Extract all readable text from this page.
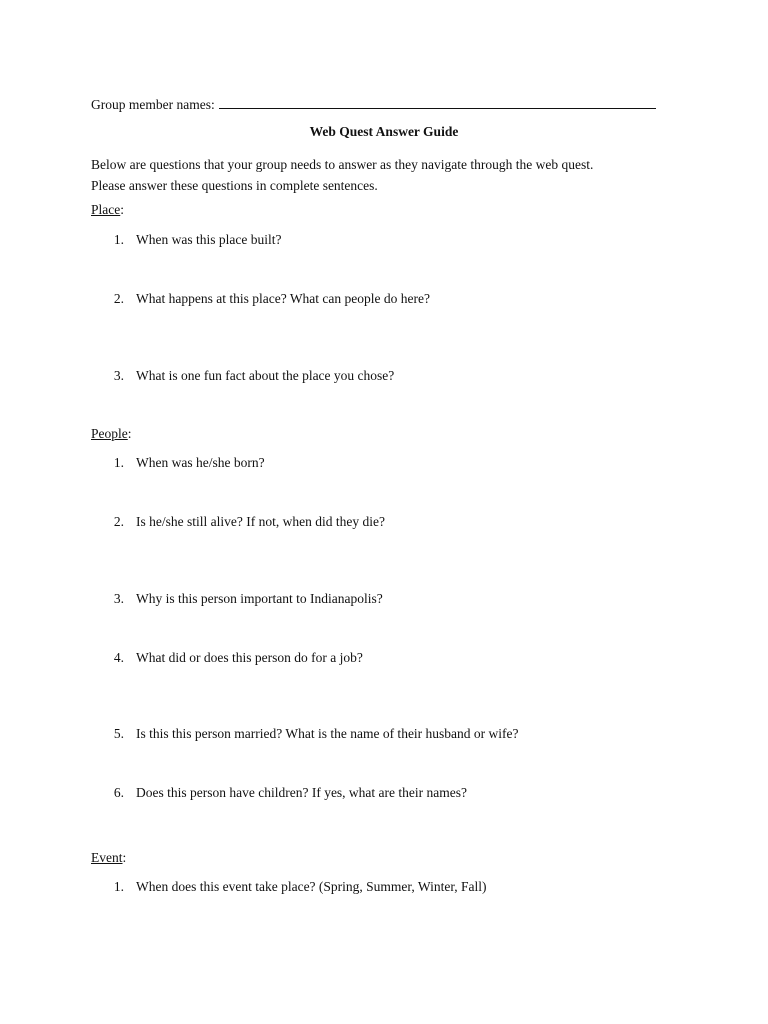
Group member names:
Web Quest Answer Guide
Below are questions that your group needs to answer as they navigate through the web quest.
Please answer these questions in complete sentences.
Place:
1. When was this place built?
2. What happens at this place? What can people do here?
3. What is one fun fact about the place you chose?
People:
1. When was he/she born?
2. Is he/she still alive? If not, when did they die?
3. Why is this person important to Indianapolis?
4. What did or does this person do for a job?
5. Is this this person married? What is the name of their husband or wife?
6. Does this person have children? If yes, what are their names?
Event:
1. When does this event take place? (Spring, Summer, Winter, Fall)
